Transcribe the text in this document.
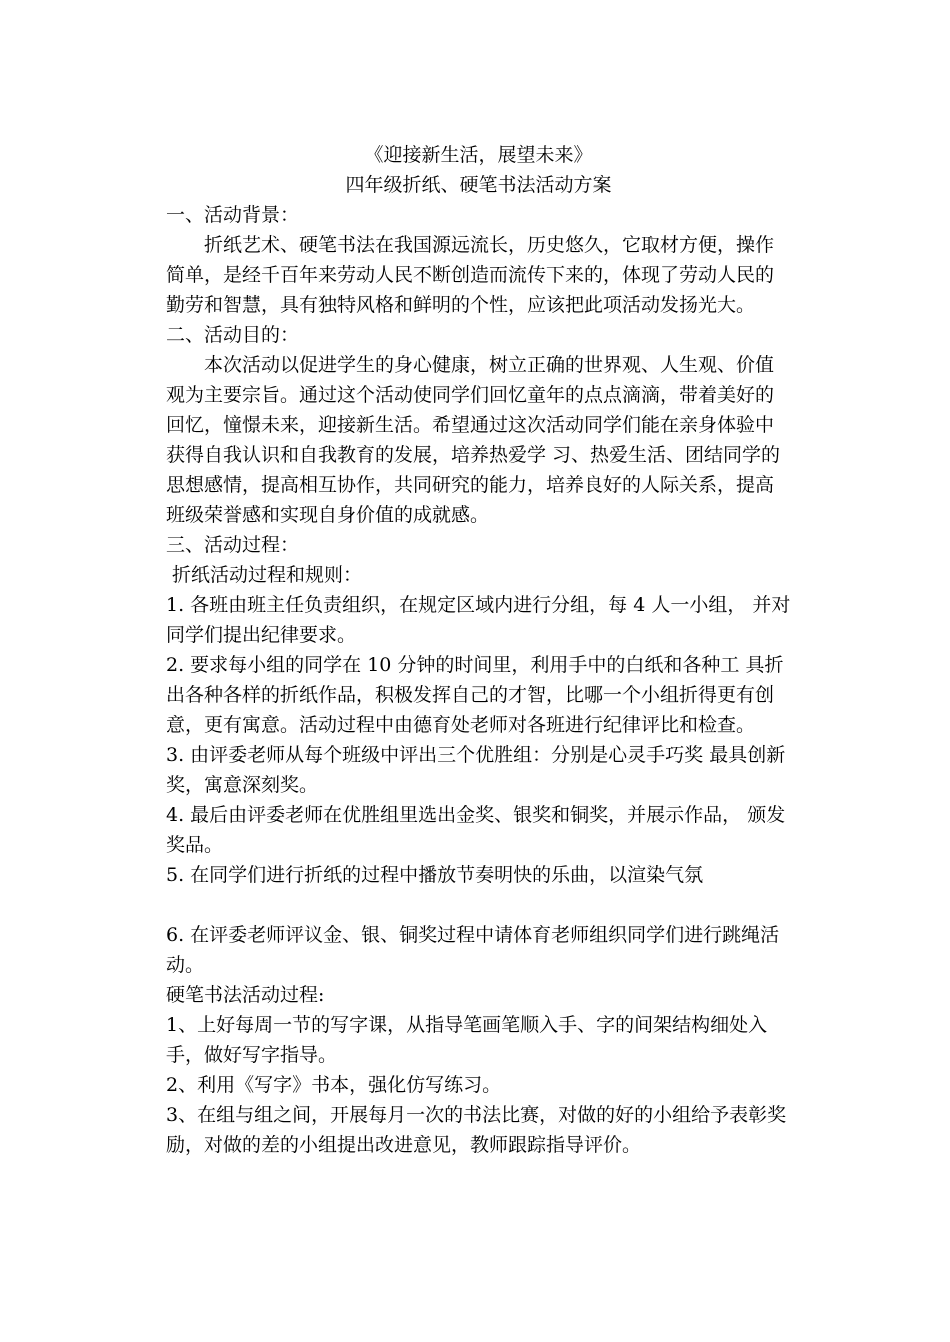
《迎接新生活，展望未来》

四年级折纸、硬笔书法活动方案

一、活动背景：

折纸艺术、硬笔书法在我国源远流长，历史悠久，它取材方便，操作简单，是经千百年来劳动人民不断创造而流传下来的，体现了劳动人民的勤劳和智慧，具有独特风格和鲜明的个性，应该把此项活动发扬光大。

二、活动目的：

本次活动以促进学生的身心健康，树立正确的世界观、人生观、价值观为主要宗旨。通过这个活动使同学们回忆童年的点点滴滴，带着美好的回忆，憧憬未来，迎接新生活。希望通过这次活动同学们能在亲身体验中获得自我认识和自我教育的发展，培养热爱学 习、热爱生活、团结同学的思想感情，提高相互协作，共同研究的能力，培养良好的人际关系，提高班级荣誉感和实现自身价值的成就感。

三、活动过程：

折纸活动过程和规则：

1. 各班由班主任负责组织，在规定区域内进行分组，每 4 人一小组， 并对同学们提出纪律要求。

2. 要求每小组的同学在 10 分钟的时间里，利用手中的白纸和各种工 具折出各种各样的折纸作品，积极发挥自己的才智，比哪一个小组折得更有创意，更有寓意。活动过程中由德育处老师对各班进行纪律评比和检查。

3. 由评委老师从每个班级中评出三个优胜组：分别是心灵手巧奖 最具创新奖，寓意深刻奖。

4. 最后由评委老师在优胜组里选出金奖、银奖和铜奖，并展示作品， 颁发奖品。

5. 在同学们进行折纸的过程中播放节奏明快的乐曲，以渲染气氛

6. 在评委老师评议金、银、铜奖过程中请体育老师组织同学们进行跳绳活动。

硬笔书法活动过程:

1、上好每周一节的写字课，从指导笔画笔顺入手、字的间架结构细处入手，做好写字指导。

2、利用《写字》书本，强化仿写练习。

3、在组与组之间，开展每月一次的书法比赛，对做的好的小组给予表彰奖励，对做的差的小组提出改进意见，教师跟踪指导评价。
